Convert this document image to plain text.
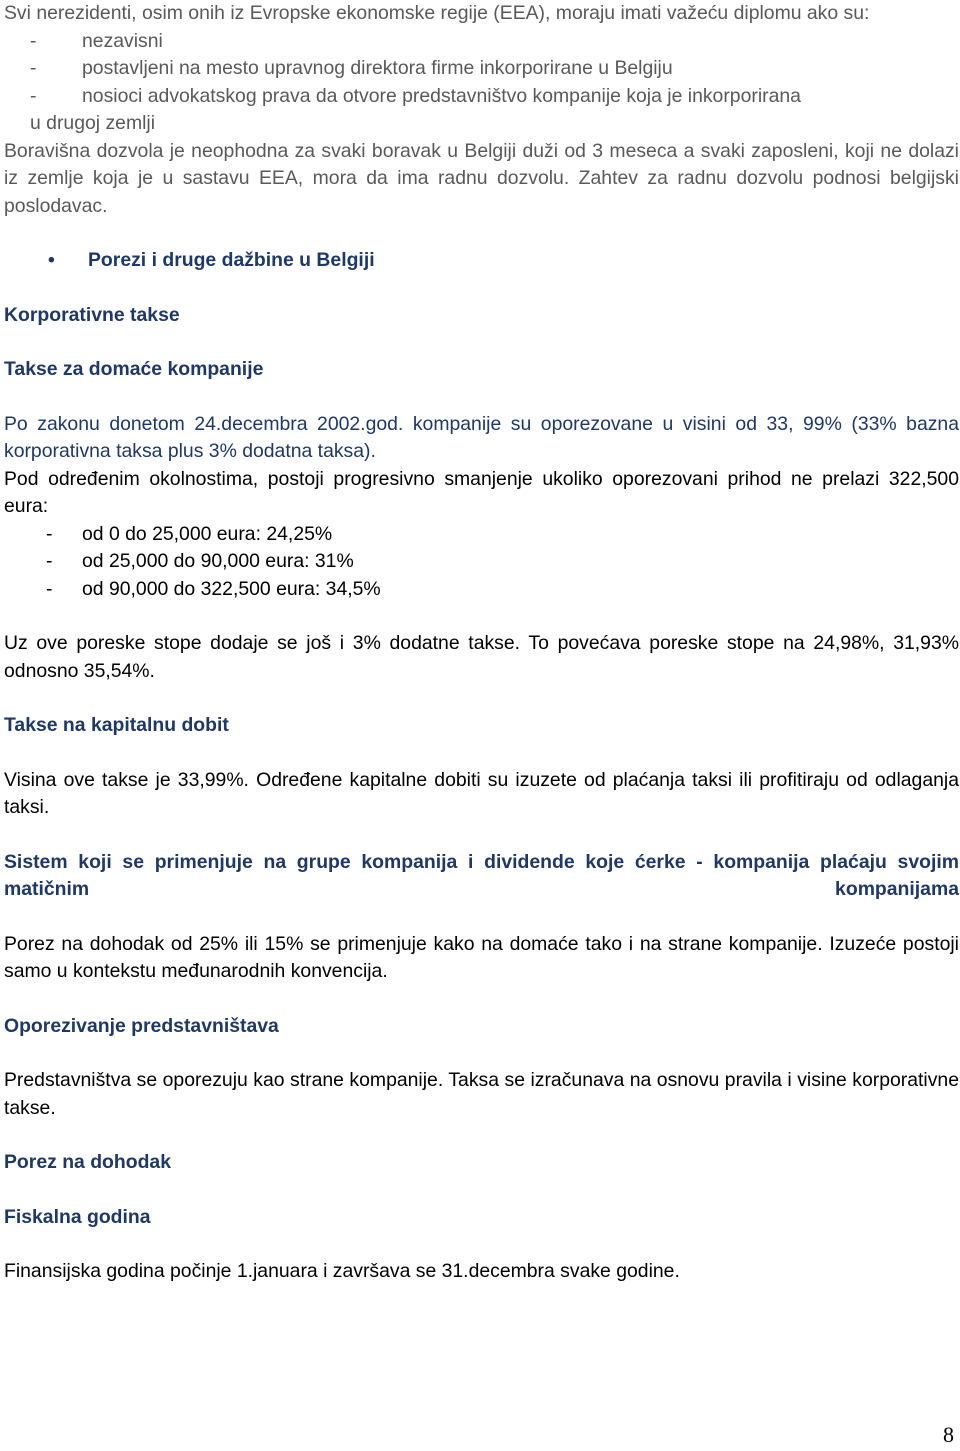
Svi nerezidenti, osim onih iz Evropske ekonomske regije (EEA), moraju imati važeću diplomu ako su:

- nezavisni

- postavljeni na mesto upravnog direktora firme inkorporirane u Belgiju

- nosioci advokatskog prava da otvore predstavništvo kompanije koja je inkorporirana

u drugoj zemlji

Boravišna dozvola je neophodna za svaki boravak u Belgiji duži od 3 meseca a svaki zaposleni, koji ne dolazi iz zemlje koja je u sastavu EEA, mora da ima radnu dozvolu. Zahtev za radnu dozvolu podnosi belgijski poslodavac.

• Porezi i druge dažbine u Belgiji

Korporativne takse

Takse za domaće kompanije

Po zakonu donetom 24.decembra 2002.god. kompanije su oporezovane u visini od 33, 99% (33% bazna korporativna taksa plus 3% dodatna taksa).

Pod određenim okolnostima, postoji progresivno smanjenje ukoliko oporezovani prihod ne prelazi 322,500 eura:

- od 0 do 25,000 eura: 24,25%

- od 25,000 do 90,000 eura: 31%

- od 90,000 do 322,500 eura: 34,5%

Uz ove poreske stope dodaje se još i 3% dodatne takse. To povećava poreske stope na 24,98%, 31,93% odnosno 35,54%.

Takse na kapitalnu dobit

Visina ove takse je 33,99%. Određene kapitalne dobiti su izuzete od plaćanja taksi ili profitiraju od odlaganja taksi.

Sistem koji se primenjuje na grupe kompanija i dividende koje ćerke - kompanija plaćaju svojim matičnim kompanijama

Porez na dohodak od 25% ili 15% se primenjuje kako na domaće tako i na strane kompanije. Izuzeće postoji samo u kontekstu međunarodnih konvencija.

Oporezivanje predstavništava

Predstavništva se oporezuju kao strane kompanije. Taksa se izračunava na osnovu pravila i visine korporativne takse.

Porez na dohodak

Fiskalna godina

Finansijska godina počinje 1.januara i završava se 31.decembra svake godine.

8
